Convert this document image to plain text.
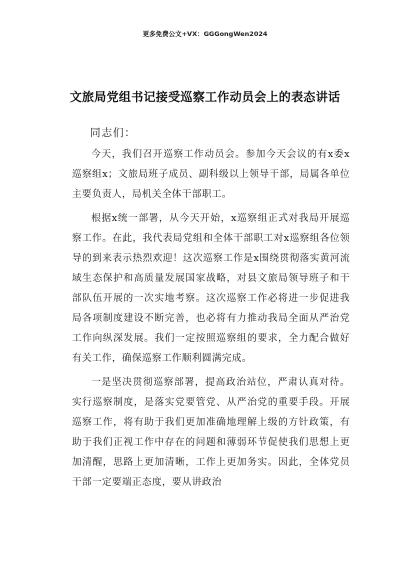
更多免费公文+VX：GGGongWen2024
文旅局党组书记接受巡察工作动员会上的表态讲话
同志们：

今天，我们召开巡察工作动员会。参加今天会议的有x委x巡察组x；文旅局班子成员、副科级以上领导干部，局属各单位主要负责人，局机关全体干部职工。

根据x统一部署，从今天开始，x巡察组正式对我局开展巡察工作。在此，我代表局党组和全体干部职工对x巡察组各位领导的到来表示热烈欢迎！这次巡察工作是x围绕贯彻落实黄河流域生态保护和高质量发展国家战略，对县文旅局领导班子和干部队伍开展的一次实地考察。这次巡察工作必将进一步促进我局各项制度建设不断完善，也必将有力推动我局全面从严治党工作向纵深发展。我们一定按照巡察组的要求，全力配合做好有关工作，确保巡察工作顺利圆满完成。

一是坚决贯彻巡察部署，提高政治站位，严肃认真对待。实行巡察制度，是落实党要管党、从严治党的重要手段。开展巡察工作，将有助于我们更加准确地理解上级的方针政策，有助于我们正视工作中存在的问题和薄弱环节促使我们思想上更加清醒，思路上更加清晰，工作上更加务实。因此，全体党员干部一定要端正态度，要从讲政治
